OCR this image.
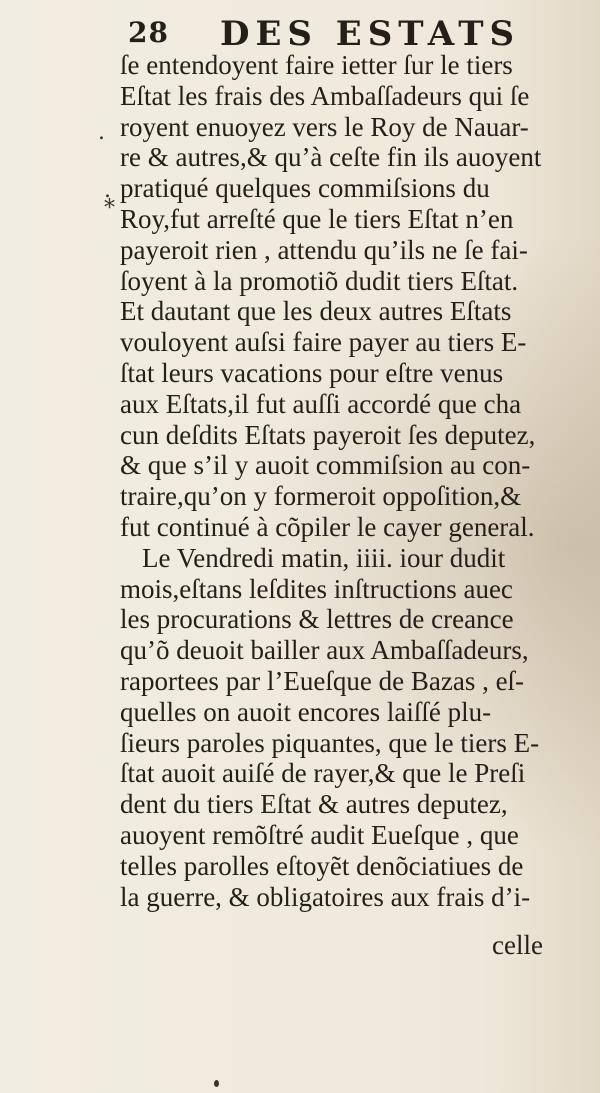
28 DES ESTATS
.
.
*
ſe entendoyent faire ietter ſur le tiers
Eſtat les frais des Ambaſſadeurs qui ſe
royent enuoyez vers le Roy de Nauar-
re & autres,& qu’à ceſte fin ils auoyent
pratiqué quelques commiſsions du
Roy,fut arreſté que le tiers Eſtat n’en
payeroit rien , attendu qu’ils ne ſe fai-
ſoyent à la promotiõ dudit tiers Eſtat.
Et dautant que les deux autres Eſtats
vouloyent auſsi faire payer au tiers E-
ſtat leurs vacations pour eſtre venus
aux Eſtats,il fut auſſi accordé que cha
cun deſdits Eſtats payeroit ſes deputez,
& que s’il y auoit commiſsion au con-
traire,qu’on y formeroit oppoſition,&
fut continué à cõpiler le cayer general.
Le Vendredi matin, iiii. iour dudit
mois,eſtans leſdites inſtructions auec
les procurations & lettres de creance
qu’õ deuoit bailler aux Ambaſſadeurs,
raportees par l’Eueſque de Bazas , eſ-
quelles on auoit encores laiſſé plu-
ſieurs paroles piquantes, que le tiers E-
ſtat auoit auiſé de rayer,& que le Preſi
dent du tiers Eſtat & autres deputez,
auoyent remõſtré audit Eueſque , que
telles parolles eſtoyẽt denõciatiues de
la guerre, & obligatoires aux frais d’i-
celle
